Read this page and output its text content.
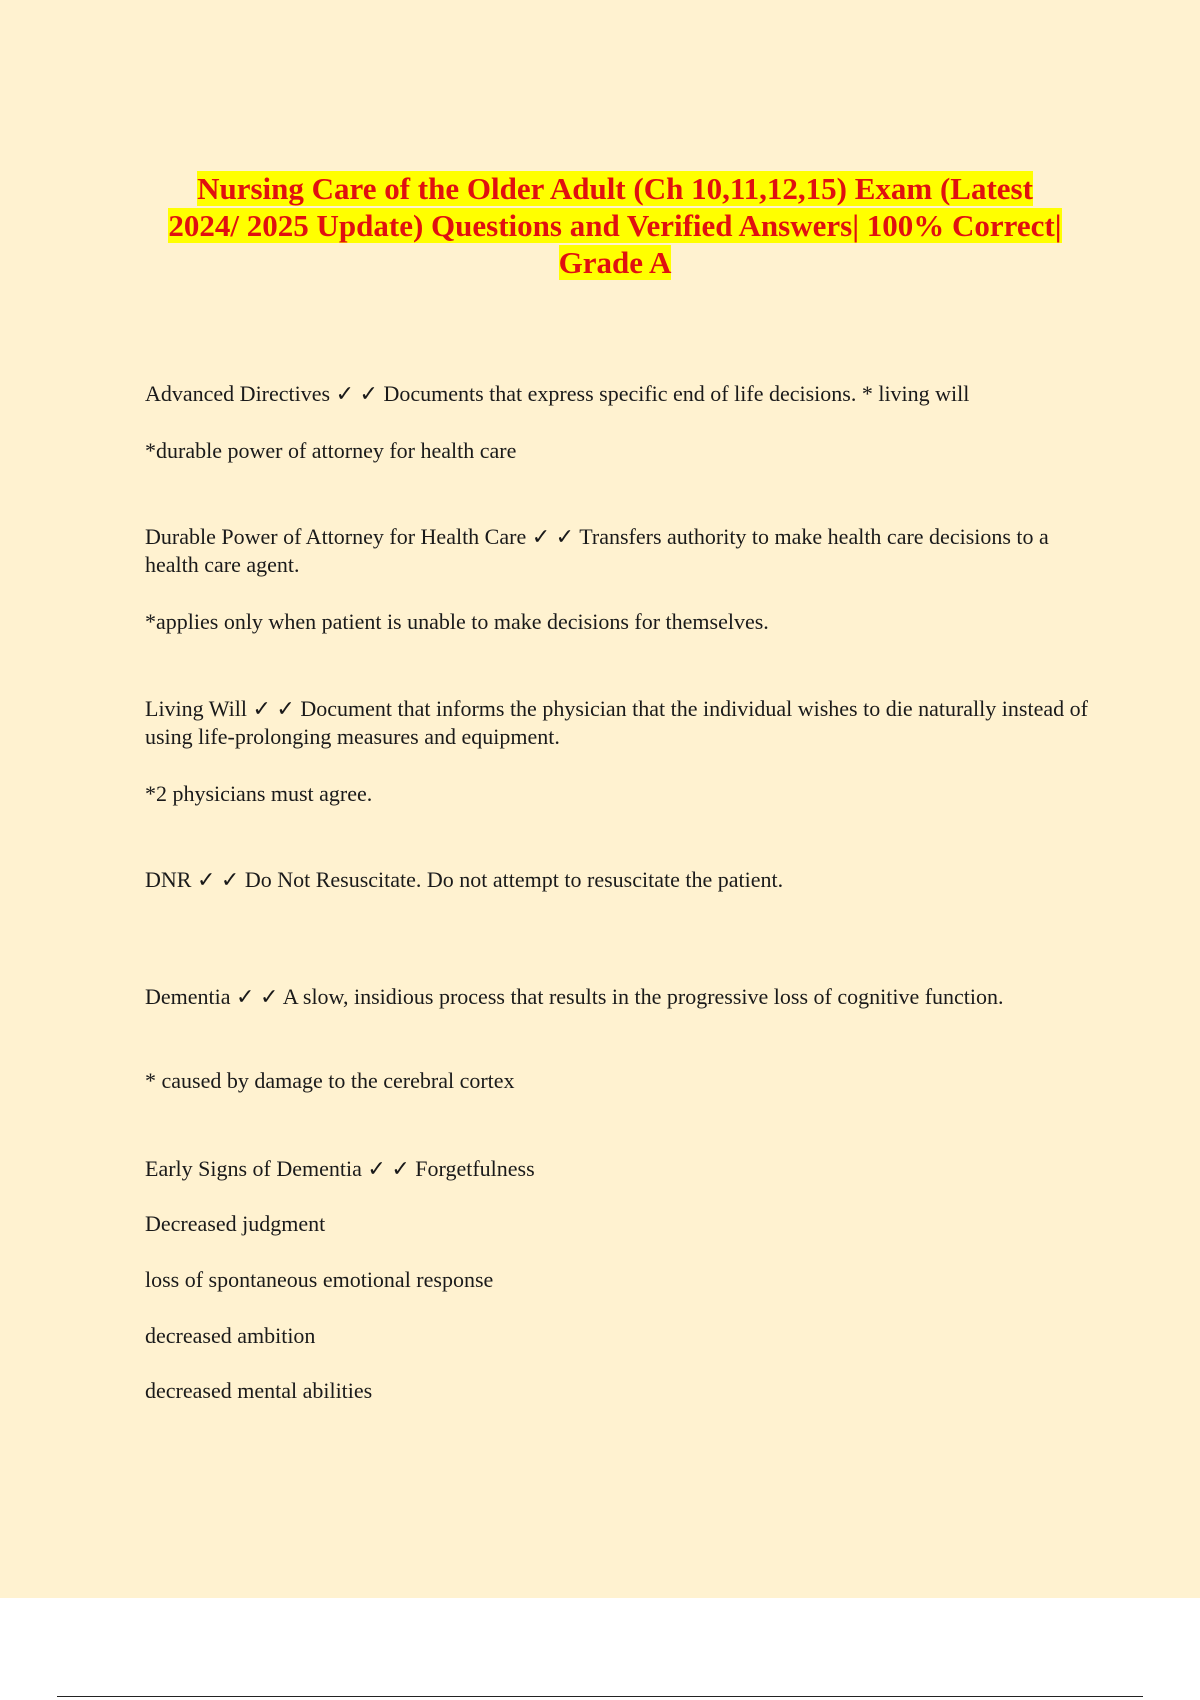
Nursing Care of the Older Adult (Ch 10,11,12,15) Exam (Latest
2024/ 2025 Update) Questions and Verified Answers| 100% Correct|
Grade A

Advanced Directives ✓ ✓ Documents that express specific end of life decisions. * living will

*durable power of attorney for health care

Durable Power of Attorney for Health Care ✓ ✓ Transfers authority to make health care decisions to a health care agent.

*applies only when patient is unable to make decisions for themselves.

Living Will ✓ ✓ Document that informs the physician that the individual wishes to die naturally instead of using life-prolonging measures and equipment.

*2 physicians must agree.

DNR ✓ ✓ Do Not Resuscitate. Do not attempt to resuscitate the patient.

Dementia ✓ ✓ A slow, insidious process that results in the progressive loss of cognitive function.

* caused by damage to the cerebral cortex

Early Signs of Dementia ✓ ✓ Forgetfulness

Decreased judgment

loss of spontaneous emotional response

decreased ambition

decreased mental abilities
